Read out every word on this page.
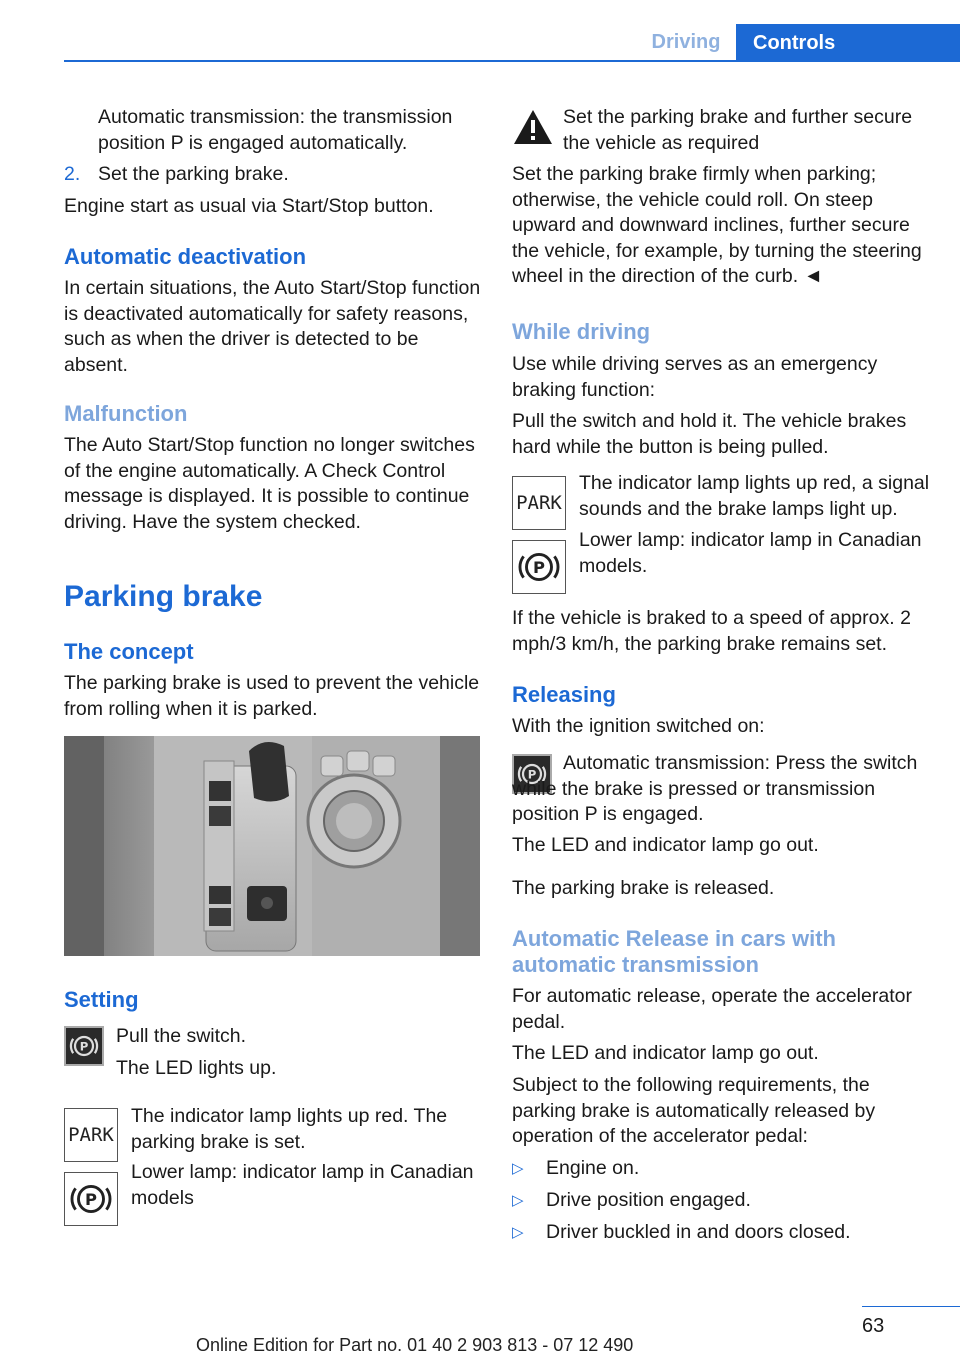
Driving	Controls

Automatic transmission: the transmission position P is engaged automatically.

2. Set the parking brake.

Engine start as usual via Start/Stop button.

Automatic deactivation

In certain situations, the Auto Start/Stop function is deactivated automatically for safety reasons, such as when the driver is detected to be absent.

Malfunction

The Auto Start/Stop function no longer switches of the engine automatically. A Check Control message is displayed. It is possible to continue driving. Have the system checked.

Parking brake
The concept

The parking brake is used to prevent the vehicle from rolling when it is parked.

Setting
P Pull the switch.

The LED lights up.

PARK

The indicator lamp lights up red. The parking brake is set.

P

Lower lamp: indicator lamp in Canadian models

Set the parking brake and further secure the vehicle as required

Set the parking brake firmly when parking; otherwise, the vehicle could roll. On steep upward and downward inclines, further secure the vehicle, for example, by turning the steering wheel in the direction of the curb. ◄

While driving

Use while driving serves as an emergency braking function:

Pull the switch and hold it. The vehicle brakes hard while the button is being pulled.

PARK

The indicator lamp lights up red, a signal sounds and the brake lamps light up.

P

Lower lamp: indicator lamp in Canadian models.

If the vehicle is braked to a speed of approx. 2 mph/3 km/h, the parking brake remains set.

Releasing

With the ignition switched on:

P

Automatic transmission: Press the switch while the brake is pressed or transmission position P is engaged.

The LED and indicator lamp go out.

The parking brake is released.

Automatic Release in cars with automatic transmission

For automatic release, operate the accelerator pedal.

The LED and indicator lamp go out.

Subject to the following requirements, the parking brake is automatically released by operation of the accelerator pedal:

▷ Engine on.

▷ Drive position engaged.

▷ Driver buckled in and doors closed.

63
Online Edition for Part no. 01 40 2 903 813 - 07 12 490
